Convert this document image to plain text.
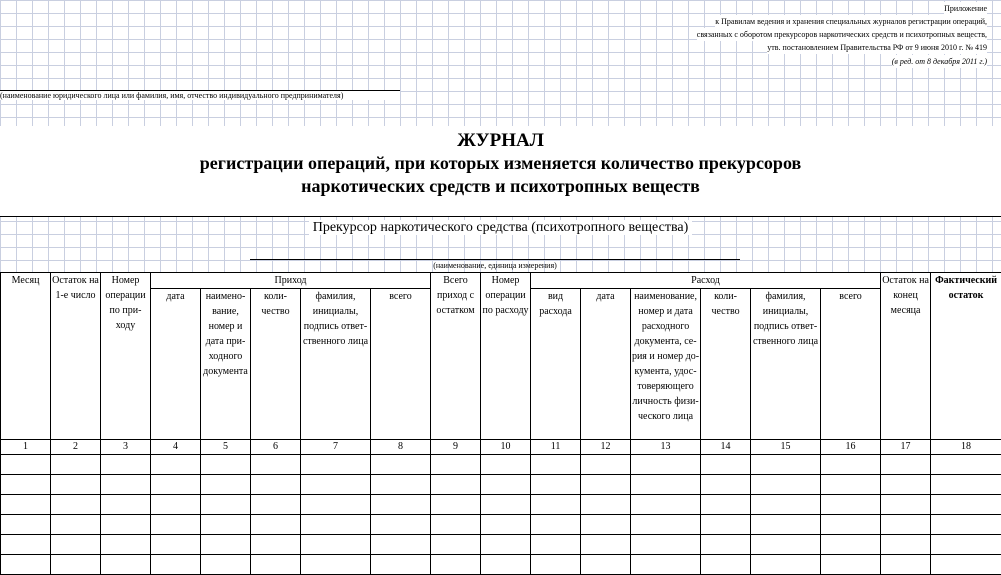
Приложение
к Правилам ведения и хранения специальных журналов регистрации операций,
связанных с оборотом прекурсоров наркотических средств и психотропных веществ,
утв. постановлением Правительства РФ от 9 июня 2010 г. № 419
(в ред. от 8 декабря 2011 г.)
(наименование юридического лица или фамилия, имя, отчество индивидуального предпринимателя)
ЖУРНАЛ
регистрации операций, при которых изменяется количество прекурсоров
наркотических средств и психотропных веществ
Прекурсор наркотического средства (психотропного вещества)
(наименование, единица измерения)
Месяц	Остаток на 1-е число	Номер операции по при-ходу	Приход					Всего приход с остатком	Номер операции по расходу	Расход						Остаток на конец месяца	Фактический остаток
			дата	наимено-вание, номер и дата при-ходного документа	коли-чество	фамилия, инициалы, подпись ответ-ственного лица	всего			вид расхода	дата	наименование, номер и дата расходного документа, се-рия и номер до-кумента, удос-товеряющего личность физи-ческого лица	коли-чество	фамилия, инициалы, подпись ответ-ственного лица	всего		
1	2	3	4	5	6	7	8	9	10	11	12	13	14	15	16	17	18
